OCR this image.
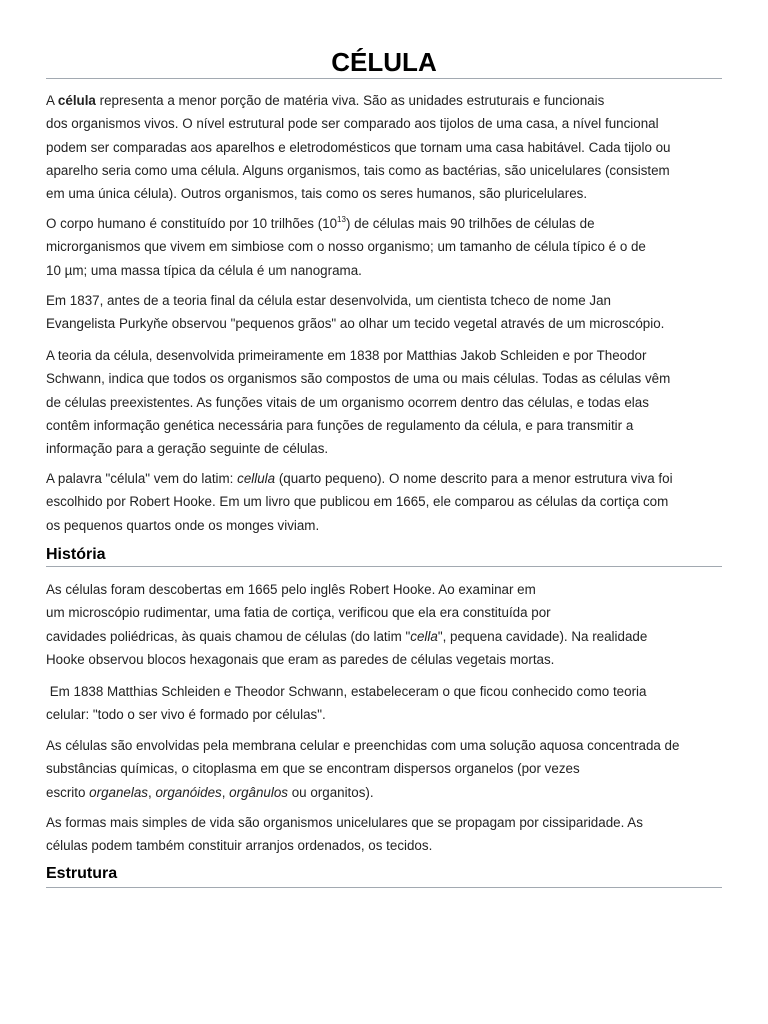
CÉLULA

A célula representa a menor porção de matéria viva. São as unidades estruturais e funcionais
dos organismos vivos. O nível estrutural pode ser comparado aos tijolos de uma casa, a nível funcional
podem ser comparadas aos aparelhos e eletrodomésticos que tornam uma casa habitável. Cada tijolo ou
aparelho seria como uma célula. Alguns organismos, tais como as bactérias, são unicelulares (consistem
em uma única célula). Outros organismos, tais como os seres humanos, são pluricelulares.

O corpo humano é constituído por 10 trilhões $(10^{13})$ de células mais 90 trilhões de células de
microrganismos que vivem em simbiose com o nosso organismo; um tamanho de célula típico é o de
10 µm; uma massa típica da célula é um nanograma.

Em 1837, antes de a teoria final da célula estar desenvolvida, um cientista tcheco de nome Jan
Evangelista Purkyňe observou "pequenos grãos" ao olhar um tecido vegetal através de um microscópio.

A teoria da célula, desenvolvida primeiramente em 1838 por Matthias Jakob Schleiden e por Theodor
Schwann, indica que todos os organismos são compostos de uma ou mais células. Todas as células vêm
de células preexistentes. As funções vitais de um organismo ocorrem dentro das células, e todas elas
contêm informação genética necessária para funções de regulamento da célula, e para transmitir a
informação para a geração seguinte de células.

A palavra "célula" vem do latim: cellula (quarto pequeno). O nome descrito para a menor estrutura viva foi
escolhido por Robert Hooke. Em um livro que publicou em 1665, ele comparou as células da cortiça com
os pequenos quartos onde os monges viviam.

História

As células foram descobertas em 1665 pelo inglês Robert Hooke. Ao examinar em
um microscópio rudimentar, uma fatia de cortiça, verificou que ela era constituída por
cavidades poliédricas, às quais chamou de células (do latim "cella", pequena cavidade). Na realidade
Hooke observou blocos hexagonais que eram as paredes de células vegetais mortas.

Em 1838 Matthias Schleiden e Theodor Schwann, estabeleceram o que ficou conhecido como teoria
celular: "todo o ser vivo é formado por células".

As células são envolvidas pela membrana celular e preenchidas com uma solução aquosa concentrada de
substâncias químicas, o citoplasma em que se encontram dispersos organelos (por vezes
escrito organelas, organóides, orgânulos ou organitos).

As formas mais simples de vida são organismos unicelulares que se propagam por cissiparidade. As
células podem também constituir arranjos ordenados, os tecidos.

Estrutura
